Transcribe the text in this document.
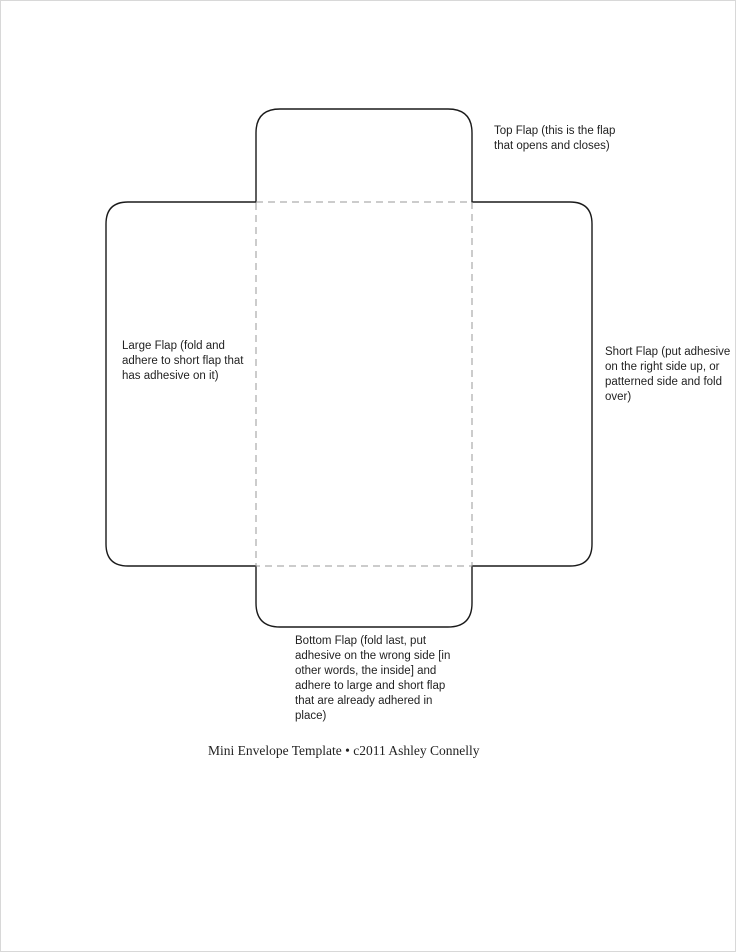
Top Flap (this is the flap
that opens and closes)
Large Flap (fold and
adhere to short flap that
has adhesive on it)
Short Flap (put adhesive
on the right side up, or
patterned side and fold
over)
Bottom Flap (fold last, put
adhesive on the wrong side [in
other words, the inside] and
adhere to large and short flap
that are already adhered in
place)
Mini Envelope Template • c2011 Ashley Connelly
